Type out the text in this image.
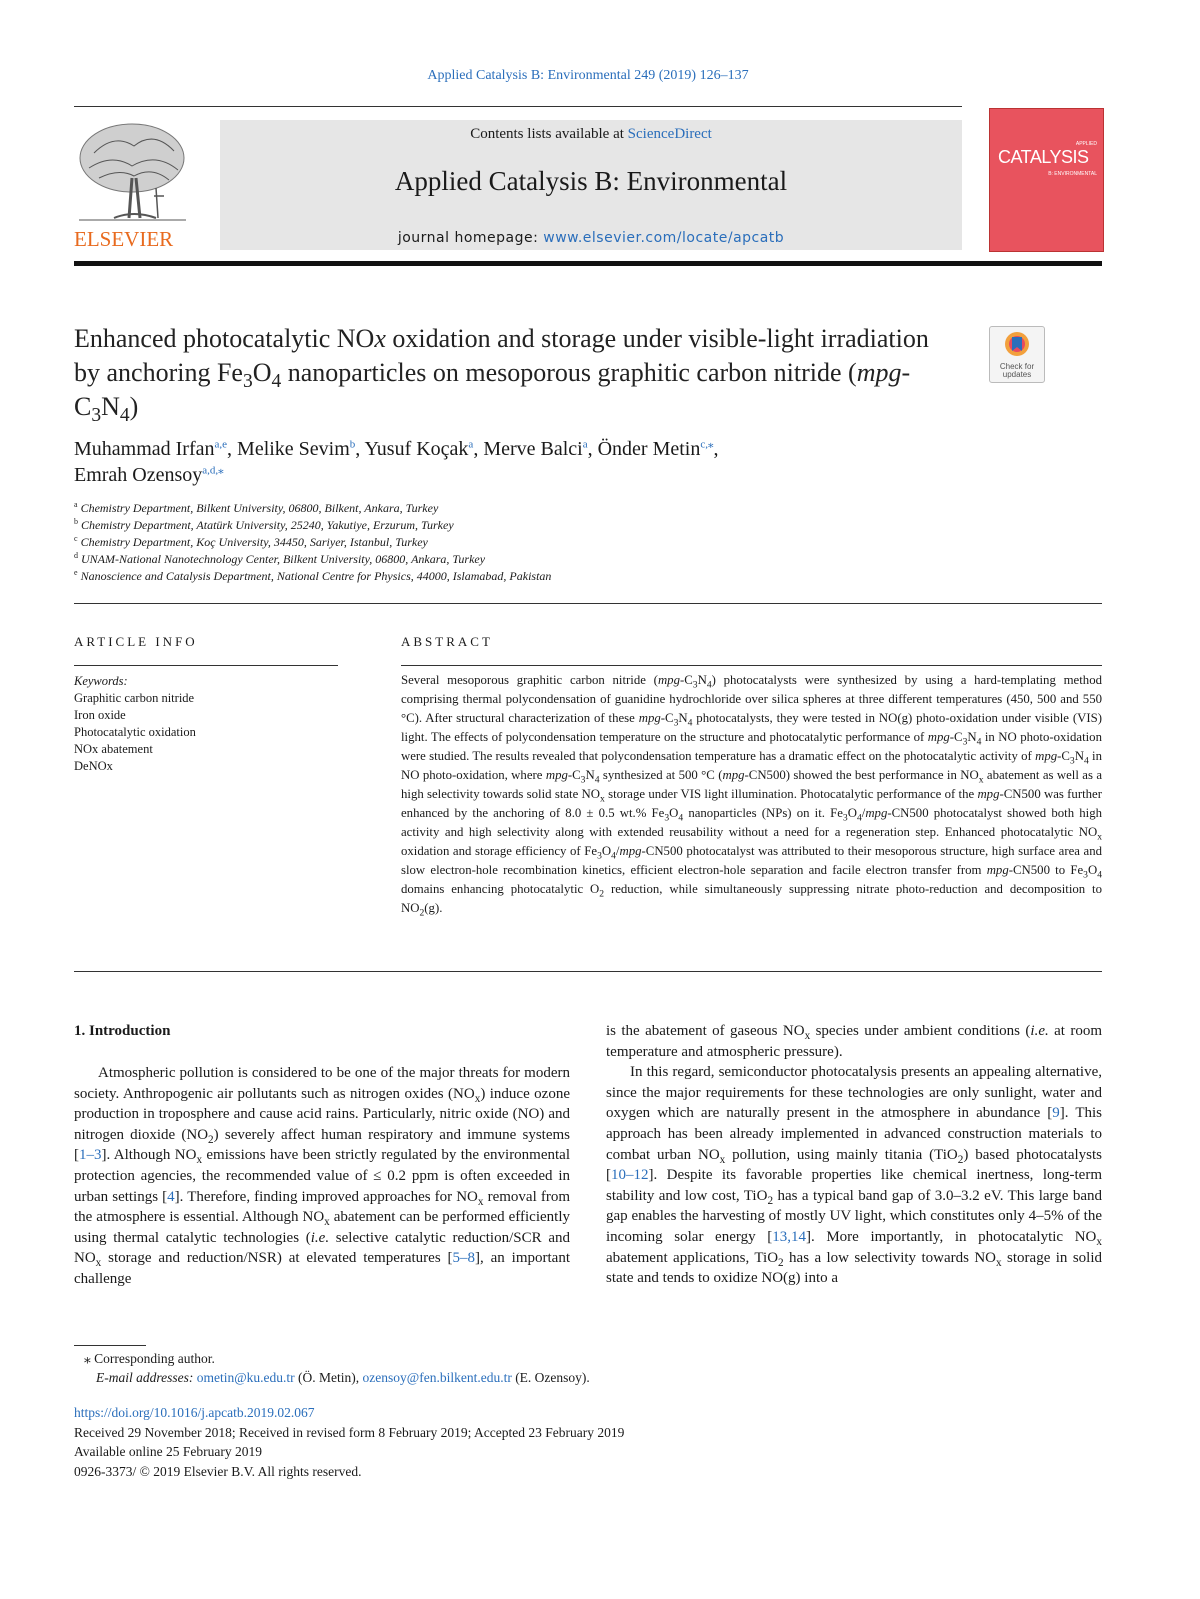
Applied Catalysis B: Environmental 249 (2019) 126–137
ELSEVIER
Contents lists available at ScienceDirect
Applied Catalysis B: Environmental
journal homepage: www.elsevier.com/locate/apcatb
APPLIED
CATALYSIS
B: ENVIRONMENTAL
Enhanced photocatalytic NOx oxidation and storage under visible-light irradiation by anchoring $Fe_3O_4$ nanoparticles on mesoporous graphitic carbon nitride $(mpg-C_3N_4)$
Check for updates
Muhammad Irfan$^{a,e}$, Melike Sevim$^b$, Yusuf Koçak$^a$, Merve Balci$^a$, Önder Metin$^{c,⁎}$,
Emrah Ozensoy$^{a,d,⁎}$
$^a$ Chemistry Department, Bilkent University, 06800, Bilkent, Ankara, Turkey
$^b$ Chemistry Department, Atatürk University, 25240, Yakutiye, Erzurum, Turkey
$^c$ Chemistry Department, Koç University, 34450, Sariyer, Istanbul, Turkey
$^d$ UNAM-National Nanotechnology Center, Bilkent University, 06800, Ankara, Turkey
$^e$ Nanoscience and Catalysis Department, National Centre for Physics, 44000, Islamabad, Pakistan
ARTICLE INFO	ABSTRACT
Keywords:
Graphitic carbon nitride
Iron oxide
Photocatalytic oxidation
NOx abatement
DeNOx
Several mesoporous graphitic carbon nitride $(mpg-C_3N_4)$ photocatalysts were synthesized by using a hard-templating method comprising thermal polycondensation of guanidine hydrochloride over silica spheres at three different temperatures (450, 500 and 550 °C). After structural characterization of these mpg-$C_3N_4$ photocatalysts, they were tested in NO(g) photo-oxidation under visible (VIS) light. The effects of polycondensation temperature on the structure and photocatalytic performance of mpg-$C_3N_4$ in NO photo-oxidation were studied. The results revealed that polycondensation temperature has a dramatic effect on the photocatalytic activity of mpg-$C_3N_4$ in NO photo-oxidation, where mpg-$C_3N_4$ synthesized at 500 °C (mpg-CN500) showed the best performance in $NO_x$ abatement as well as a high selectivity towards solid state $NO_x$ storage under VIS light illumination. Photocatalytic performance of the mpg-CN500 was further enhanced by the anchoring of 8.0 ± 0.5 wt.% $Fe_3O_4$ nanoparticles (NPs) on it. $Fe_3O_4/mpg-CN500$ photocatalyst showed both high activity and high selectivity along with extended reusability without a need for a regeneration step. Enhanced photocatalytic $NO_x$ oxidation and storage efficiency of $Fe_3O_4/mpg-CN500$ photocatalyst was attributed to their mesoporous structure, high surface area and slow electron-hole recombination kinetics, efficient electron-hole separation and facile electron transfer from mpg-CN500 to $Fe_3O_4$ domains enhancing photocatalytic $O_2$ reduction, while simultaneously suppressing nitrate photo-reduction and decomposition to $NO_2(g)$.
1. Introduction

Atmospheric pollution is considered to be one of the major threats for modern society. Anthropogenic air pollutants such as nitrogen oxides $(NO_x)$ induce ozone production in troposphere and cause acid rains. Particularly, nitric oxide (NO) and nitrogen dioxide $(NO_2)$ severely affect human respiratory and immune systems [1–3]. Although $NO_x$ emissions have been strictly regulated by the environmental protection agencies, the recommended value of ≤ 0.2 ppm is often exceeded in urban settings [4]. Therefore, finding improved approaches for $NO_x$ removal from the atmosphere is essential. Although $NO_x$ abatement can be performed efficiently using thermal catalytic technologies (i.e. selective catalytic reduction/SCR and $NO_x$ storage and reduction/NSR) at elevated temperatures [5–8], an important challenge

is the abatement of gaseous $NO_x$ species under ambient conditions (i.e. at room temperature and atmospheric pressure).

In this regard, semiconductor photocatalysis presents an appealing alternative, since the major requirements for these technologies are only sunlight, water and oxygen which are naturally present in the atmosphere in abundance [9]. This approach has been already implemented in advanced construction materials to combat urban $NO_x$ pollution, using mainly titania (TiO$_2$) based photocatalysts [10–12]. Despite its favorable properties like chemical inertness, long-term stability and low cost, TiO$_2$ has a typical band gap of 3.0–3.2 eV. This large band gap enables the harvesting of mostly UV light, which constitutes only 4–5% of the incoming solar energy [13,14]. More importantly, in photocatalytic $NO_x$ abatement applications, TiO$_2$ has a low selectivity towards $NO_x$ storage in solid state and tends to oxidize NO(g) into a

⁎ Corresponding author.
E-mail addresses: ometin@ku.edu.tr (Ö. Metin), ozensoy@fen.bilkent.edu.tr (E. Ozensoy).
https://doi.org/10.1016/j.apcatb.2019.02.067
Received 29 November 2018; Received in revised form 8 February 2019; Accepted 23 February 2019
Available online 25 February 2019
0926-3373/ © 2019 Elsevier B.V. All rights reserved.
